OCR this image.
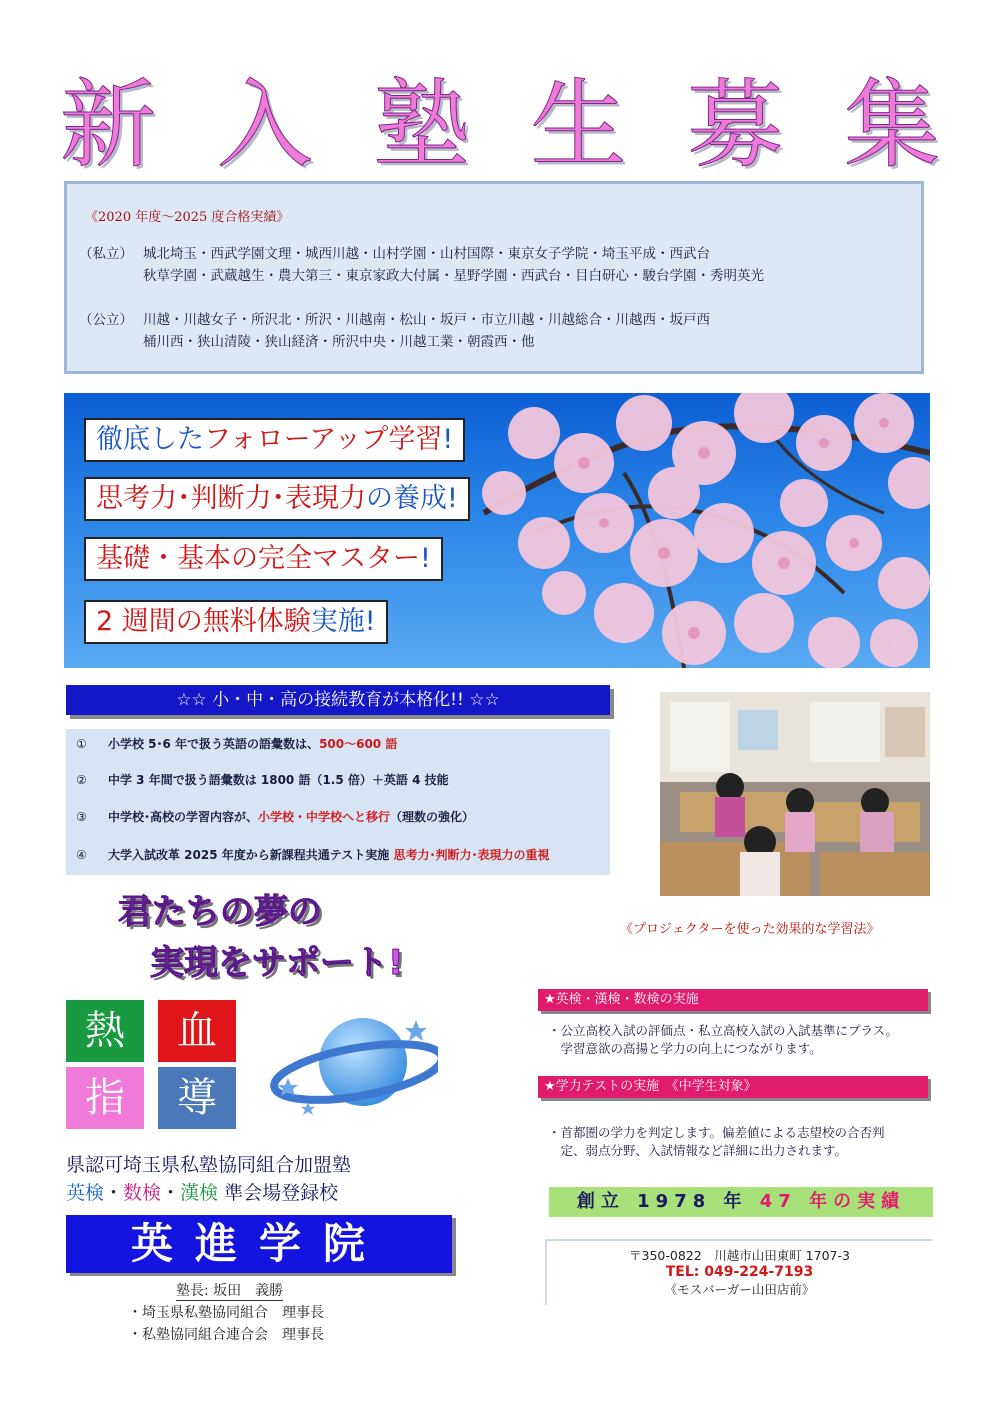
新 入 塾 生 募 集
《2020 年度～2025 度合格実績》
（私立） 城北埼玉・西武学園文理・城西川越・山村学園・山村国際・東京女子学院・埼玉平成・西武台
秋草学園・武蔵越生・農大第三・東京家政大付属・星野学園・西武台・目白研心・駿台学園・秀明英光
（公立） 川越・川越女子・所沢北・所沢・川越南・松山・坂戸・市立川越・川越総合・川越西・坂戸西
桶川西・狭山清陵・狭山経済・所沢中央・川越工業・朝霞西・他
徹底したフォローアップ学習!
思考力･判断力･表現力の養成!
基礎・基本の完全マスター!
2 週間の無料体験実施!
☆☆ 小・中・高の接続教育が本格化!! ☆☆
① 小学校 5･6 年で扱う英語の語彙数は、500～600 語
② 中学 3 年間で扱う語彙数は 1800 語（1.5 倍）＋英語 4 技能
③ 中学校･高校の学習内容が、小学校・中学校へと移行（理数の強化）
④ 大学入試改革 2025 年度から新課程共通テスト実施 思考力･判断力･表現力の重視
《プロジェクターを使った効果的な学習法》
君たちの夢の
実現をサポート!
熱	血
指	導
県認可埼玉県私塾協同組合加盟塾
英検・数検・漢検 準会場登録校
英進学院
塾長: 坂田　義勝
・埼玉県私塾協同組合　理事長
・私塾協同組合連合会　理事長
★英検・漢検・数検の実施
・公立高校入試の評価点・私立高校入試の入試基準にプラス。
　学習意欲の高揚と学力の向上につながります。
★学力テストの実施　《中学生対象》
・首都圏の学力を判定します。偏差値による志望校の合否判
　定、弱点分野、入試情報など詳細に出力されます。
創立 1978 年 47 年の実績
〒350-0822　川越市山田東町 1707-3
TEL: 049-224-7193
《モスバーガー山田店前》
